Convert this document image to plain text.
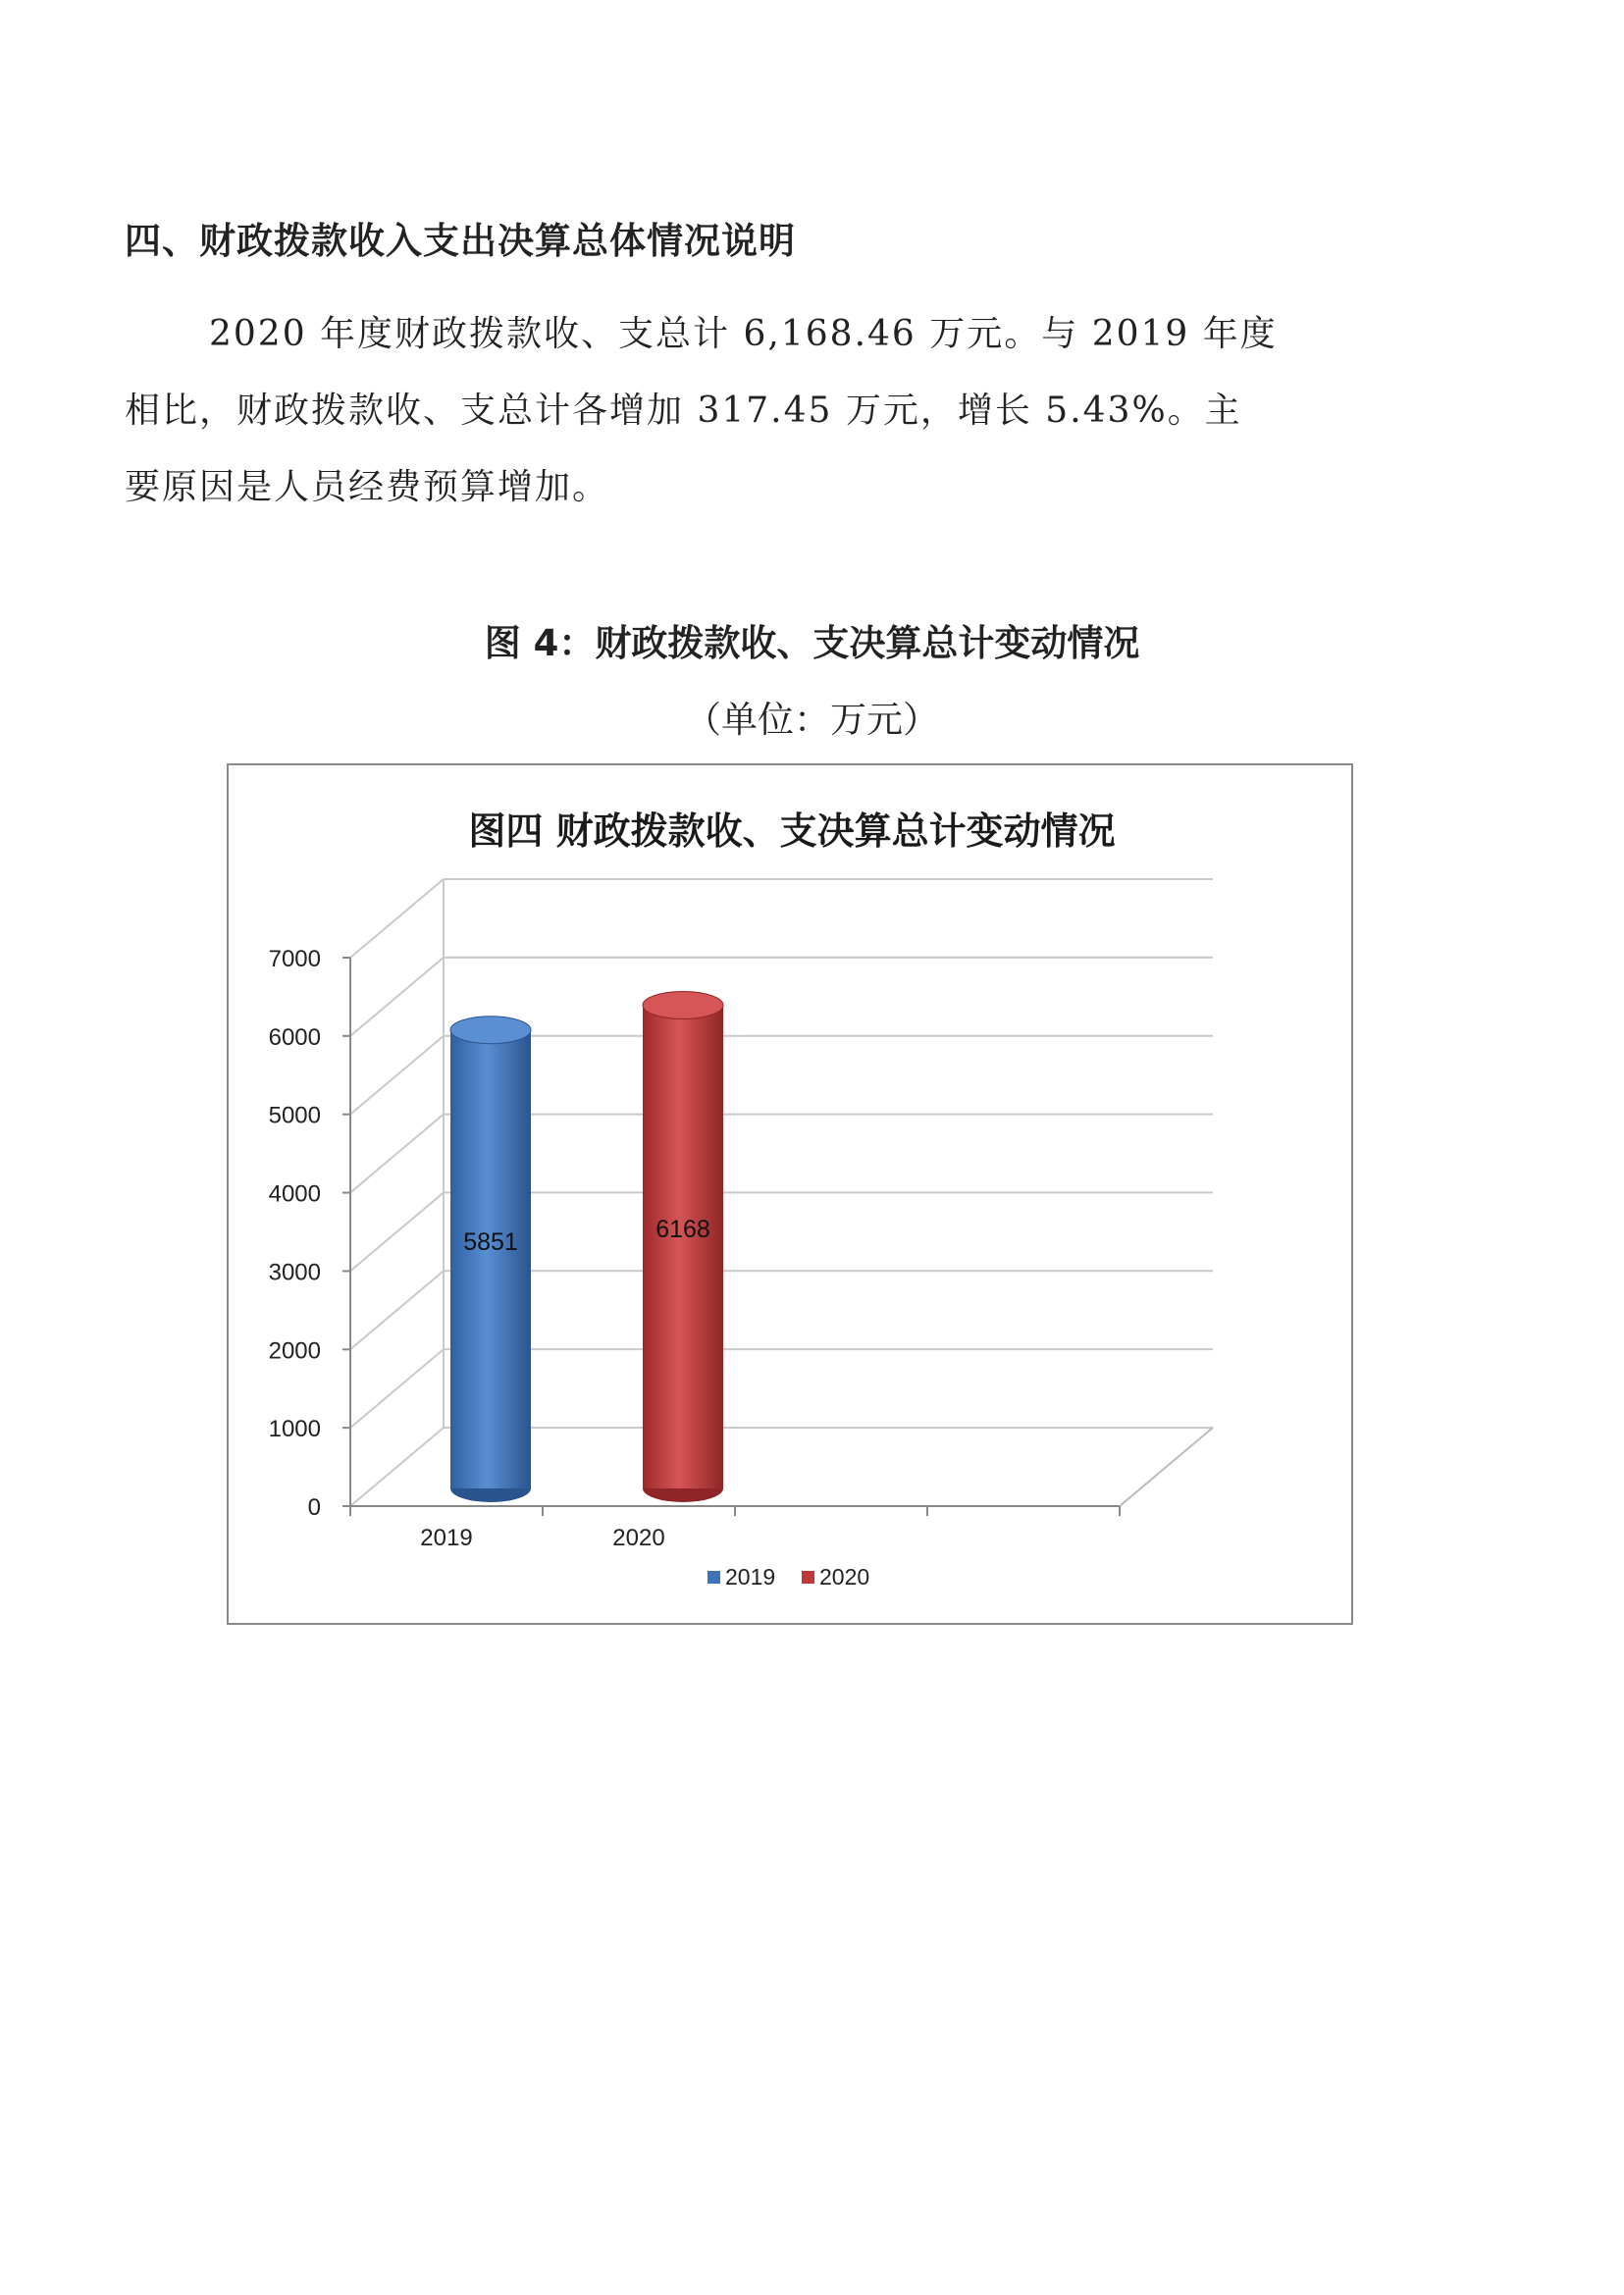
四、财政拨款收入支出决算总体情况说明
2020 年度财政拨款收、支总计 6,168.46 万元。与 2019 年度
相比，财政拨款收、支总计各增加 317.45 万元，增长 5.43%。主
要原因是人员经费预算增加。
图 4：财政拨款收、支决算总计变动情况
（单位：万元）
图四 财政拨款收、支决算总计变动情况
0
1000
2000
3000
4000
5000
6000
7000
5851
2019
6168
2020
2019 2020
